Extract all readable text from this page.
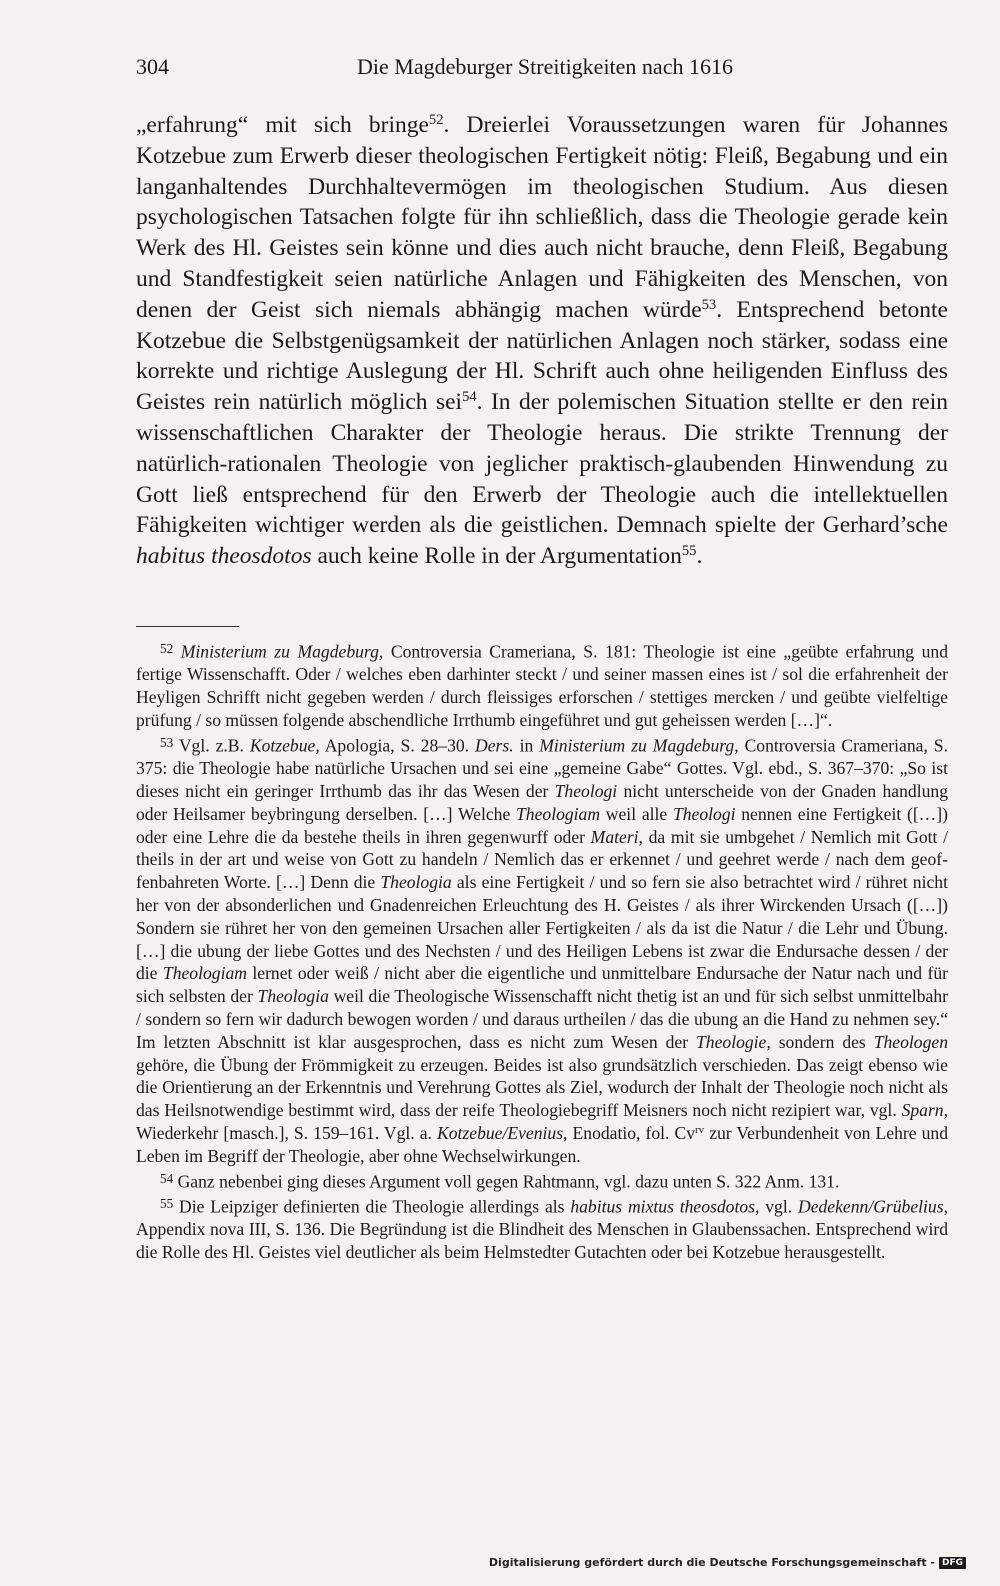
304	Die Magdeburger Streitigkeiten nach 1616

„erfahrung“ mit sich bringe$^{52}$. Dreierlei Voraussetzungen waren für Johannes Kotzebue zum Erwerb dieser theologischen Fertigkeit nötig: Fleiß, Begabung und ein langanhaltendes Durchhaltevermögen im theologischen Studium. Aus diesen psychologischen Tatsachen folgte für ihn schließlich, dass die Theologie gerade kein Werk des Hl. Geistes sein könne und dies auch nicht brauche, denn Fleiß, Begabung und Standfestigkeit seien natürliche Anlagen und Fähigkeiten des Menschen, von denen der Geist sich niemals abhängig machen würde$^{53}$. Entsprechend betonte Kotzebue die Selbstgenügsamkeit der natürlichen Anlagen noch stärker, sodass eine korrekte und richtige Auslegung der Hl. Schrift auch ohne heiligenden Einfluss des Geistes rein natürlich möglich sei$^{54}$. In der polemischen Situation stellte er den rein wissenschaftlichen Charakter der Theologie heraus. Die strikte Trennung der natürlich-rationalen Theologie von jeglicher praktisch-glaubenden Hinwendung zu Gott ließ entsprechend für den Erwerb der Theologie auch die intellektuellen Fähigkeiten wichtiger werden als die geistlichen. Demnach spielte der Gerhard’sche habitus theosdotos auch keine Rolle in der Argumentation$^{55}$.

$^{52}$ Ministerium zu Magdeburg, Controversia Crameriana, S. 181: Theologie ist eine „geübte erfahrung und fertige Wissenschafft. Oder / welches eben darhinter steckt / und seiner massen eines ist / sol die erfahrenheit der Heyligen Schrifft nicht gegeben werden / durch fleissiges erforschen / stettiges mercken / und geübte vielfeltige prüfung / so müssen folgende abschendliche Irrthumb eingeführet und gut geheissen werden […]“.

$^{53}$ Vgl. z.B. Kotzebue, Apologia, S. 28–30. Ders. in Ministerium zu Magdeburg, Controversia Crameriana, S. 375: die Theologie habe natürliche Ursachen und sei eine „gemeine Gabe“ Gottes. Vgl. ebd., S. 367–370: „So ist dieses nicht ein geringer Irrthumb das ihr das Wesen der Theologi nicht unterscheide von der Gnaden handlung oder Heilsamer beybringung derselben. […] Welche Theologiam weil alle Theologi nennen eine Fertigkeit ([…]) oder eine Lehre die da bestehe theils in ihren gegenwurff oder Materi, da mit sie umbgehet / Nemlich mit Gott / theils in der art und weise von Gott zu handeln / Nemlich das er erkennet / und geehret werde / nach dem geoffenbahreten Worte. […] Denn die Theologia als eine Fertigkeit / und so fern sie also betrachtet wird / rühret nicht her von der absonderlichen und Gnadenreichen Erleuchtung des H. Geistes / als ihrer Wirckenden Ursach ([…]) Sondern sie rühret her von den gemeinen Ursachen aller Fertigkeiten / als da ist die Natur / die Lehr und Übung. […] die ubung der liebe Gottes und des Nechsten / und des Heiligen Lebens ist zwar die Endursache dessen / der die Theologiam lernet oder weiß / nicht aber die eigentliche und unmittelbare Endursache der Natur nach und für sich selbsten der Theologia weil die Theologische Wissenschafft nicht thetig ist an und für sich selbst unmittelbahr / sondern so fern wir dadurch bewogen worden / und daraus urtheilen / das die ubung an die Hand zu nehmen sey.“ Im letzten Abschnitt ist klar ausgesprochen, dass es nicht zum Wesen der Theologie, sondern des Theologen gehöre, die Übung der Frömmigkeit zu erzeugen. Beides ist also grundsätzlich verschieden. Das zeigt ebenso wie die Orientierung an der Erkenntnis und Verehrung Gottes als Ziel, wodurch der Inhalt der Theologie noch nicht als das Heilsnotwendige bestimmt wird, dass der reife Theologiebegriff Meisners noch nicht rezipiert war, vgl. Sparn, Wiederkehr [masch.], S. 159–161. Vgl. a. Kotzebue/Evenius, Enodatio, fol. $Cv^{rv}$ zur Verbundenheit von Lehre und Leben im Begriff der Theologie, aber ohne Wechselwirkungen.

$^{54}$ Ganz nebenbei ging dieses Argument voll gegen Rahtmann, vgl. dazu unten S. 322 Anm. 131.

$^{55}$ Die Leipziger definierten die Theologie allerdings als habitus mixtus theosdotos, vgl. Dedekenn/Grübelius, Appendix nova III, S. 136. Die Begründung ist die Blindheit des Menschen in Glaubenssachen. Entsprechend wird die Rolle des Hl. Geistes viel deutlicher als beim Helmstedter Gutachten oder bei Kotzebue herausgestellt.

Digitalisierung gefördert durch die Deutsche Forschungsgemeinschaft - DFG
